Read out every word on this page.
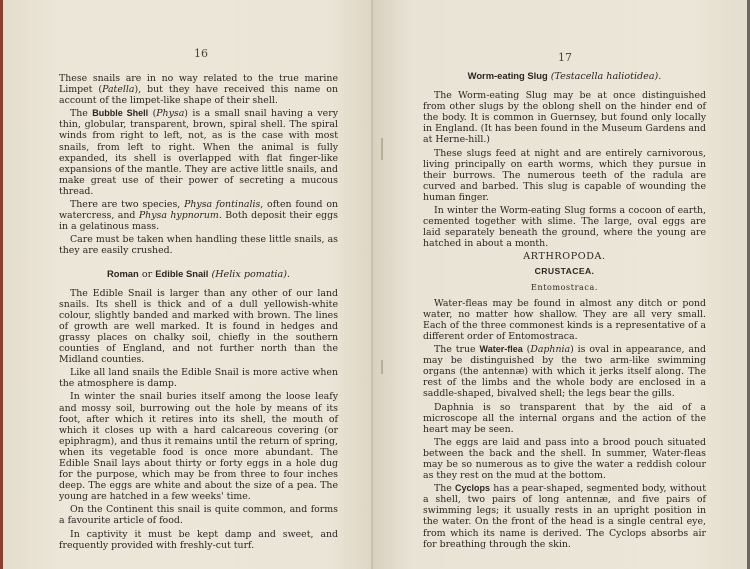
16

These snails are in no way related to the true marine Limpet (Patella), but they have received this name on account of the limpet-like shape of their shell.

The Bubble Shell (Physa) is a small snail having a very thin, globular, transparent, brown, spiral shell. The spiral winds from right to left, not, as is the case with most snails, from left to right. When the animal is fully expanded, its shell is overlapped with flat finger-like expansions of the mantle. They are active little snails, and make great use of their power of secreting a mucous thread.

There are two species, Physa fontinalis, often found on watercress, and Physa hypnorum. Both deposit their eggs in a gelatinous mass.

Care must be taken when handling these little snails, as they are easily crushed.

Roman or Edible Snail (Helix pomatia).

The Edible Snail is larger than any other of our land snails. Its shell is thick and of a dull yellowish-white colour, slightly banded and marked with brown. The lines of growth are well marked. It is found in hedges and grassy places on chalky soil, chiefly in the southern counties of England, and not further north than the Midland counties.

Like all land snails the Edible Snail is more active when the atmosphere is damp.

In winter the snail buries itself among the loose leafy and mossy soil, burrowing out the hole by means of its foot, after which it retires into its shell, the mouth of which it closes up with a hard calcareous covering (or epiphragm), and thus it remains until the return of spring, when its vegetable food is once more abundant. The Edible Snail lays about thirty or forty eggs in a hole dug for the purpose, which may be from three to four inches deep. The eggs are white and about the size of a pea. The young are hatched in a few weeks' time.

On the Continent this snail is quite common, and forms a favourite article of food.

In captivity it must be kept damp and sweet, and frequently provided with freshly-cut turf.

17
Worm-eating Slug (Testacella haliotidea).

The Worm-eating Slug may be at once distinguished from other slugs by the oblong shell on the hinder end of the body. It is common in Guernsey, but found only locally in England. (It has been found in the Museum Gardens and at Herne-hill.)

These slugs feed at night and are entirely carnivorous, living principally on earth worms, which they pursue in their burrows. The numerous teeth of the radula are curved and barbed. This slug is capable of wounding the human finger.

In winter the Worm-eating Slug forms a cocoon of earth, cemented together with slime. The large, oval eggs are laid separately beneath the ground, where the young are hatched in about a month.

ARTHROPODA.
CRUSTACEA.
Entomostraca.

Water-fleas may be found in almost any ditch or pond water, no matter how shallow. They are all very small. Each of the three commonest kinds is a representative of a different order of Entomostraca.

The true Water-flea (Daphnia) is oval in appearance, and may be distinguished by the two arm-like swimming organs (the antennæ) with which it jerks itself along. The rest of the limbs and the whole body are enclosed in a saddle-shaped, bivalved shell; the legs bear the gills.

Daphnia is so transparent that by the aid of a microscope all the internal organs and the action of the heart may be seen.

The eggs are laid and pass into a brood pouch situated between the back and the shell. In summer, Water-fleas may be so numerous as to give the water a reddish colour as they rest on the mud at the bottom.

The Cyclops has a pear-shaped, segmented body, without a shell, two pairs of long antennæ, and five pairs of swimming legs; it usually rests in an upright position in the water. On the front of the head is a single central eye, from which its name is derived. The Cyclops absorbs air for breathing through the skin.
